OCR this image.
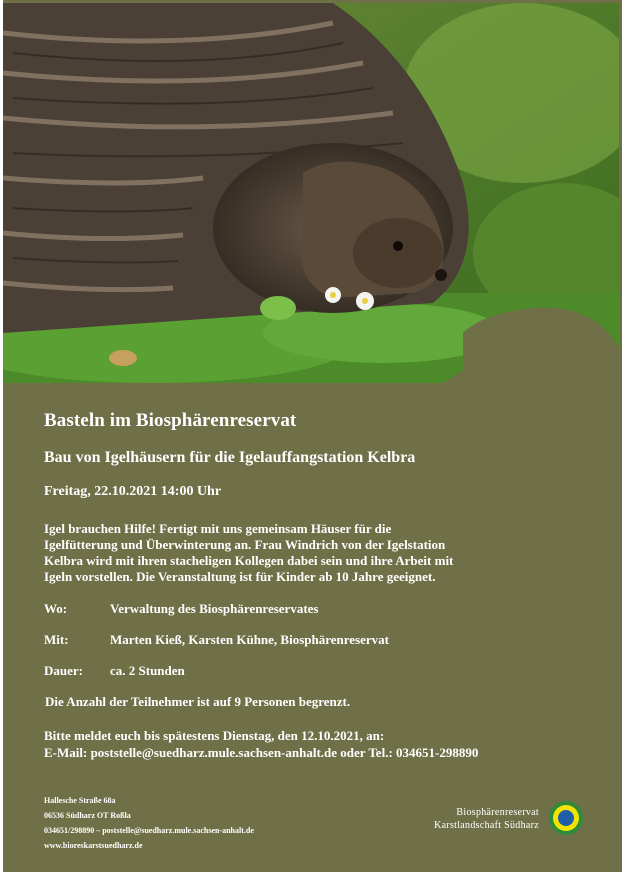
Basteln im Biosphärenreservat
Bau von Igelhäusern für die Igelauffangstation Kelbra
Freitag, 22.10.2021 14:00 Uhr
Igel brauchen Hilfe! Fertigt mit uns gemeinsam Häuser für die
Igelfütterung und Überwinterung an. Frau Windrich von der Igelstation
Kelbra wird mit ihren stacheligen Kollegen dabei sein und ihre Arbeit mit
Igeln vorstellen. Die Veranstaltung ist für Kinder ab 10 Jahre geeignet.
Wo:	Verwaltung des Biosphärenreservates
Mit:	Marten Kieß, Karsten Kühne, Biosphärenreservat
Dauer:	ca. 2 Stunden
Die Anzahl der Teilnehmer ist auf 9 Personen begrenzt.
Bitte meldet euch bis spätestens Dienstag, den 12.10.2021, an:
E-Mail: poststelle@suedharz.mule.sachsen-anhalt.de oder Tel.: 034651-298890
Hallesche Straße 68a
06536 Südharz OT Roßla
034651/298890 – poststelle@suedharz.mule.sachsen-anhalt.de
www.bioreskarstsuedharz.de
Biosphärenreservat
Karstlandschaft Südharz
